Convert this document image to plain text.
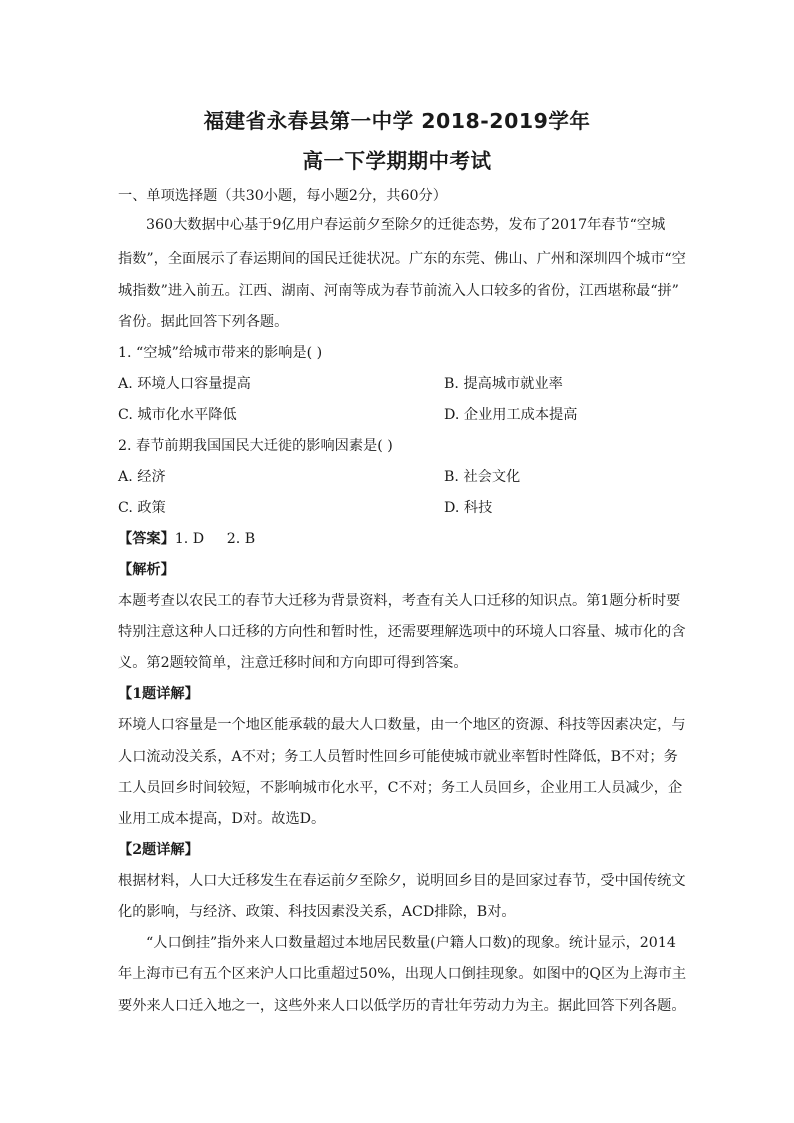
福建省永春县第一中学 2018-2019学年
高一下学期期中考试
一、单项选择题（共30小题，每小题2分，共60分）
360大数据中心基于9亿用户春运前夕至除夕的迁徙态势，发布了2017年春节“空城
指数”，全面展示了春运期间的国民迁徙状况。广东的东莞、佛山、广州和深圳四个城市“空
城指数”进入前五。江西、湖南、河南等成为春节前流入人口较多的省份，江西堪称最“拼”
省份。据此回答下列各题。
1. “空城”给城市带来的影响是( )
A. 环境人口容量提高	B. 提高城市就业率
C. 城市化水平降低	D. 企业用工成本提高
2. 春节前期我国国民大迁徙的影响因素是( )
A. 经济	B. 社会文化
C. 政策	D. 科技
【答案】1. D     2. B
【解析】
本题考查以农民工的春节大迁移为背景资料，考查有关人口迁移的知识点。第1题分析时要
特别注意这种人口迁移的方向性和暂时性，还需要理解选项中的环境人口容量、城市化的含
义。第2题较简单，注意迁移时间和方向即可得到答案。
【1题详解】
环境人口容量是一个地区能承载的最大人口数量，由一个地区的资源、科技等因素决定，与
人口流动没关系，A不对；务工人员暂时性回乡可能使城市就业率暂时性降低，B不对；务
工人员回乡时间较短，不影响城市化水平，C不对；务工人员回乡，企业用工人员减少，企
业用工成本提高，D对。故选D。
【2题详解】
根据材料，人口大迁移发生在春运前夕至除夕，说明回乡目的是回家过春节，受中国传统文
化的影响，与经济、政策、科技因素没关系，ACD排除，B对。
“人口倒挂”指外来人口数量超过本地居民数量(户籍人口数)的现象。统计显示，2014
年上海市已有五个区来沪人口比重超过50%，出现人口倒挂现象。如图中的Q区为上海市主
要外来人口迁入地之一，这些外来人口以低学历的青壮年劳动力为主。据此回答下列各题。
